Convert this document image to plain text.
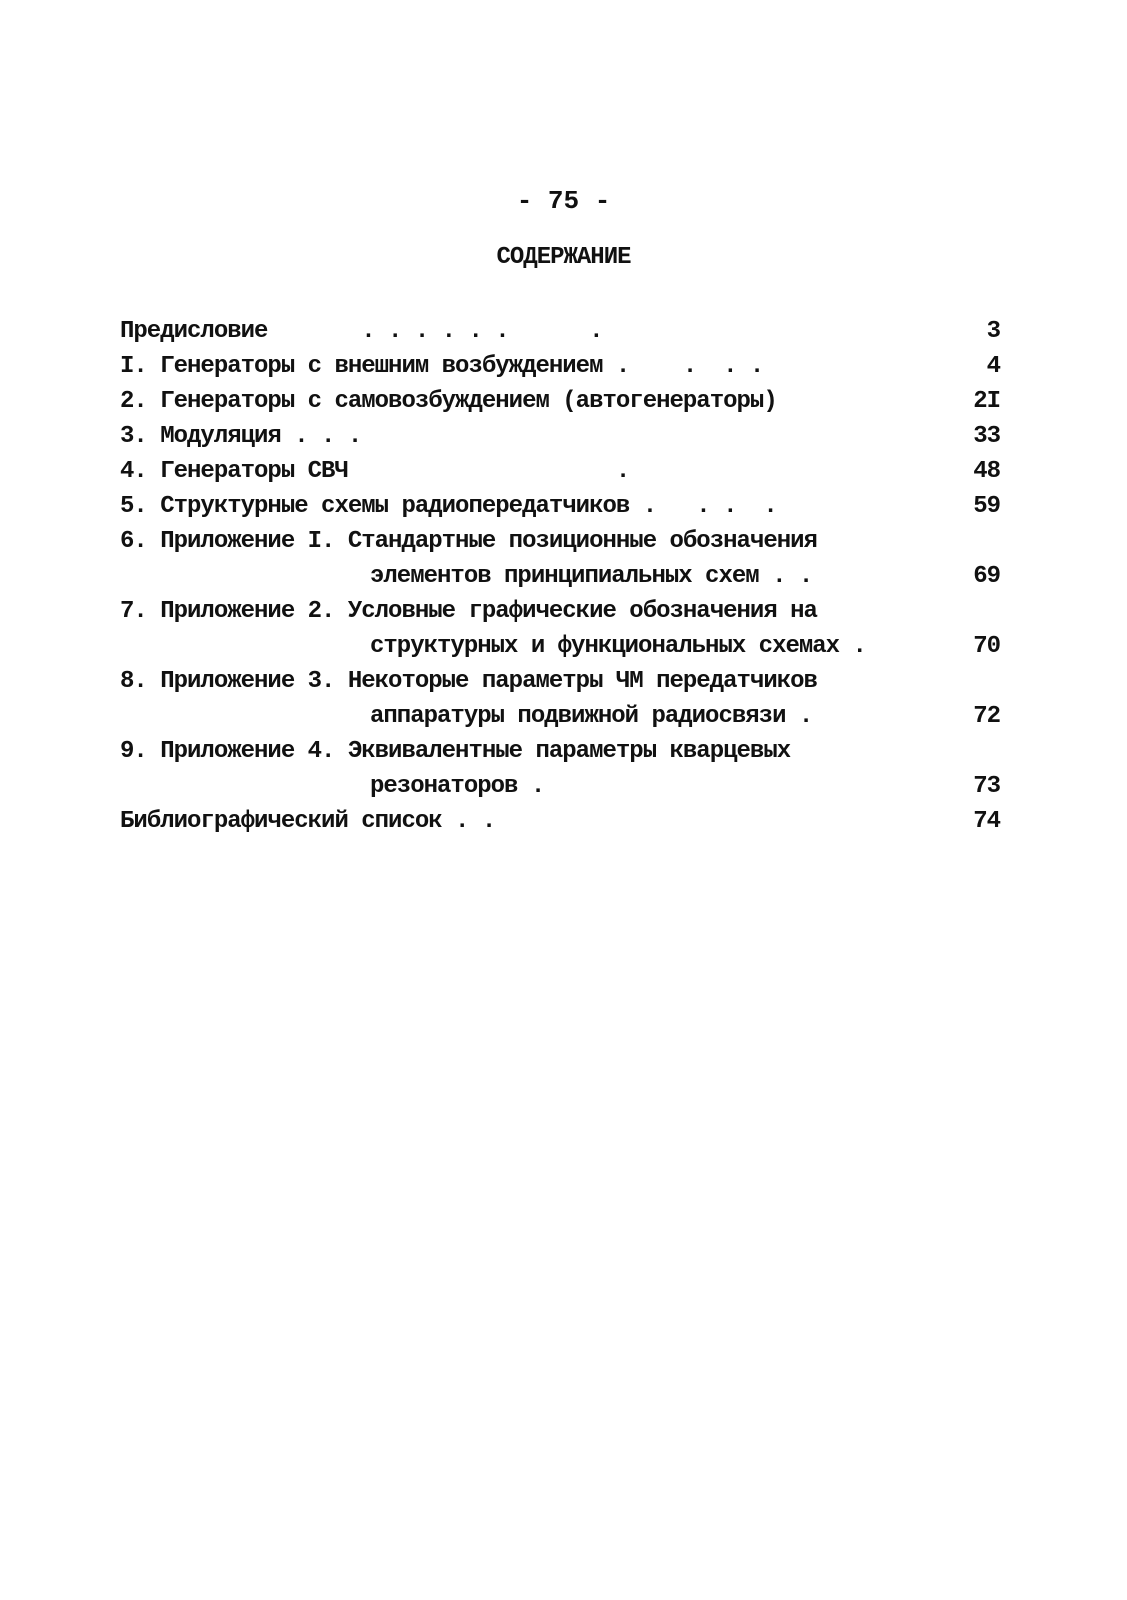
- 75 -
СОДЕРЖАНИЕ
Предисловие       . . . . . .      .	3
I. Генераторы с внешним возбуждением .    .  . .	4
2. Генераторы с самовозбуждением (автогенераторы)	2I
3. Модуляция . . .	33
4. Генераторы СВЧ                    .	48
5. Структурные схемы радиопередатчиков .   . .  .	59
6. Приложение I. Стандартные позиционные обозначения
элементов принципиальных схем . .	69
7. Приложение 2. Условные графические обозначения на
структурных и функциональных схемах .	70
8. Приложение 3. Некоторые параметры ЧМ передатчиков
аппаратуры подвижной радиосвязи .	72
9. Приложение 4. Эквивалентные параметры кварцевых
резонаторов .	73
Библиографический список . .	74
